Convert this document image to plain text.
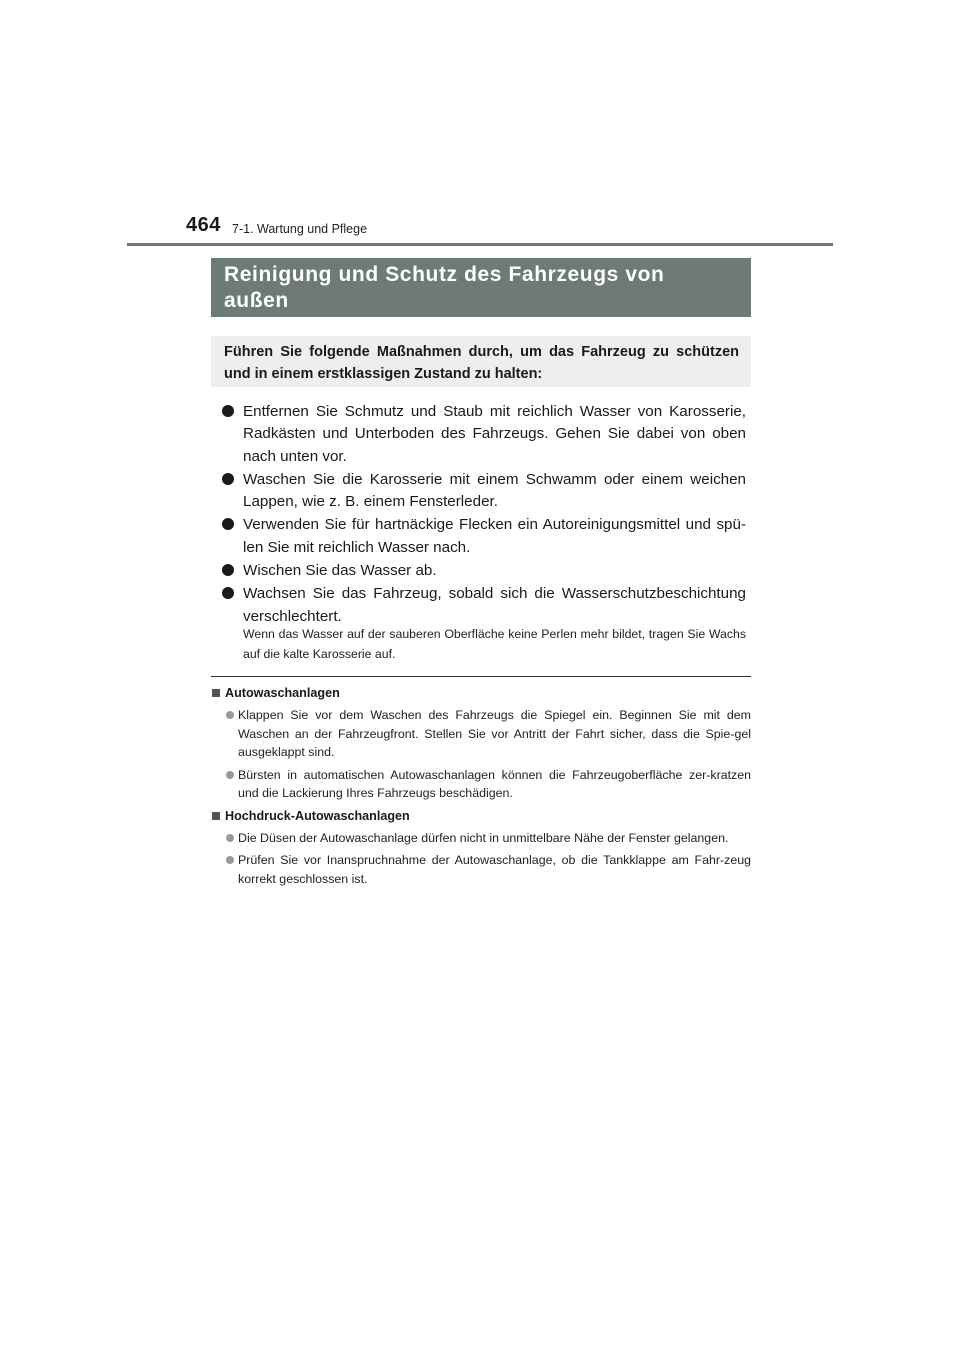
464 7-1. Wartung und Pflege
Reinigung und Schutz des Fahrzeugs von
außen
Führen Sie folgende Maßnahmen durch, um das Fahrzeug zu schützen und in einem erstklassigen Zustand zu halten:
Entfernen Sie Schmutz und Staub mit reichlich Wasser von Karosserie, Radkästen und Unterboden des Fahrzeugs. Gehen Sie dabei von oben nach unten vor.
Waschen Sie die Karosserie mit einem Schwamm oder einem weichen Lappen, wie z. B. einem Fensterleder.
Verwenden Sie für hartnäckige Flecken ein Autoreinigungsmittel und spü-len Sie mit reichlich Wasser nach.
Wischen Sie das Wasser ab.
Wachsen Sie das Fahrzeug, sobald sich die Wasserschutzbeschichtung verschlechtert.
Wenn das Wasser auf der sauberen Oberfläche keine Perlen mehr bildet, tragen Sie Wachs auf die kalte Karosserie auf.
Autowaschanlagen
Klappen Sie vor dem Waschen des Fahrzeugs die Spiegel ein. Beginnen Sie mit dem Waschen an der Fahrzeugfront. Stellen Sie vor Antritt der Fahrt sicher, dass die Spie-gel ausgeklappt sind.
Bürsten in automatischen Autowaschanlagen können die Fahrzeugoberfläche zer-kratzen und die Lackierung Ihres Fahrzeugs beschädigen.
Hochdruck-Autowaschanlagen
Die Düsen der Autowaschanlage dürfen nicht in unmittelbare Nähe der Fenster gelangen.
Prüfen Sie vor Inanspruchnahme der Autowaschanlage, ob die Tankklappe am Fahr-zeug korrekt geschlossen ist.
